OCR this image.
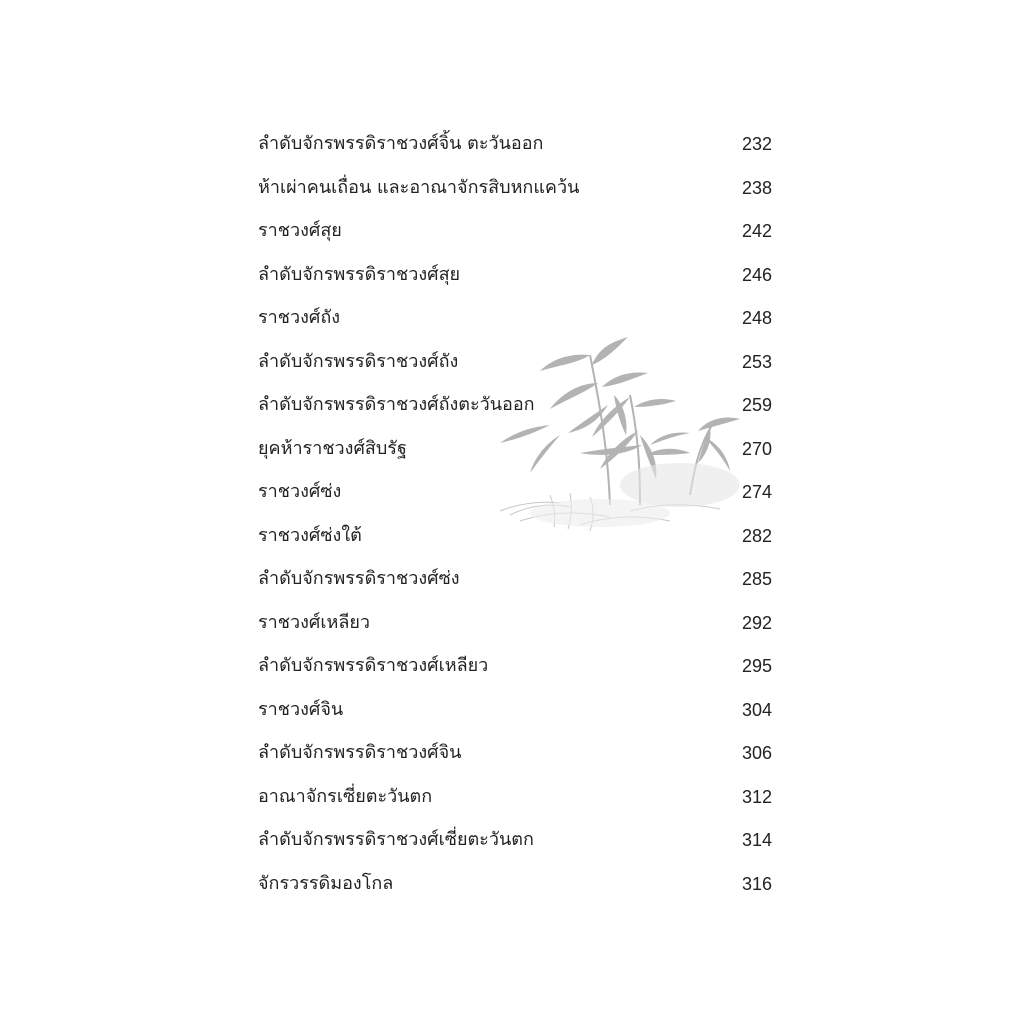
ลำดับจักรพรรดิราชวงศ์จิ้น ตะวันออก	232
ห้าเผ่าคนเถื่อน และอาณาจักรสิบหกแคว้น	238
ราชวงศ์สุย	242
ลำดับจักรพรรดิราชวงศ์สุย	246
ราชวงศ์ถัง	248
ลำดับจักรพรรดิราชวงศ์ถัง	253
ลำดับจักรพรรดิราชวงศ์ถังตะวันออก	259
ยุคห้าราชวงศ์สิบรัฐ	270
ราชวงศ์ซ่ง	274
ราชวงศ์ซ่งใต้	282
ลำดับจักรพรรดิราชวงศ์ซ่ง	285
ราชวงศ์เหลียว	292
ลำดับจักรพรรดิราชวงศ์เหลียว	295
ราชวงศ์จิน	304
ลำดับจักรพรรดิราชวงศ์จิน	306
อาณาจักรเซี่ยตะวันตก	312
ลำดับจักรพรรดิราชวงศ์เซี่ยตะวันตก	314
จักรวรรดิมองโกล	316
